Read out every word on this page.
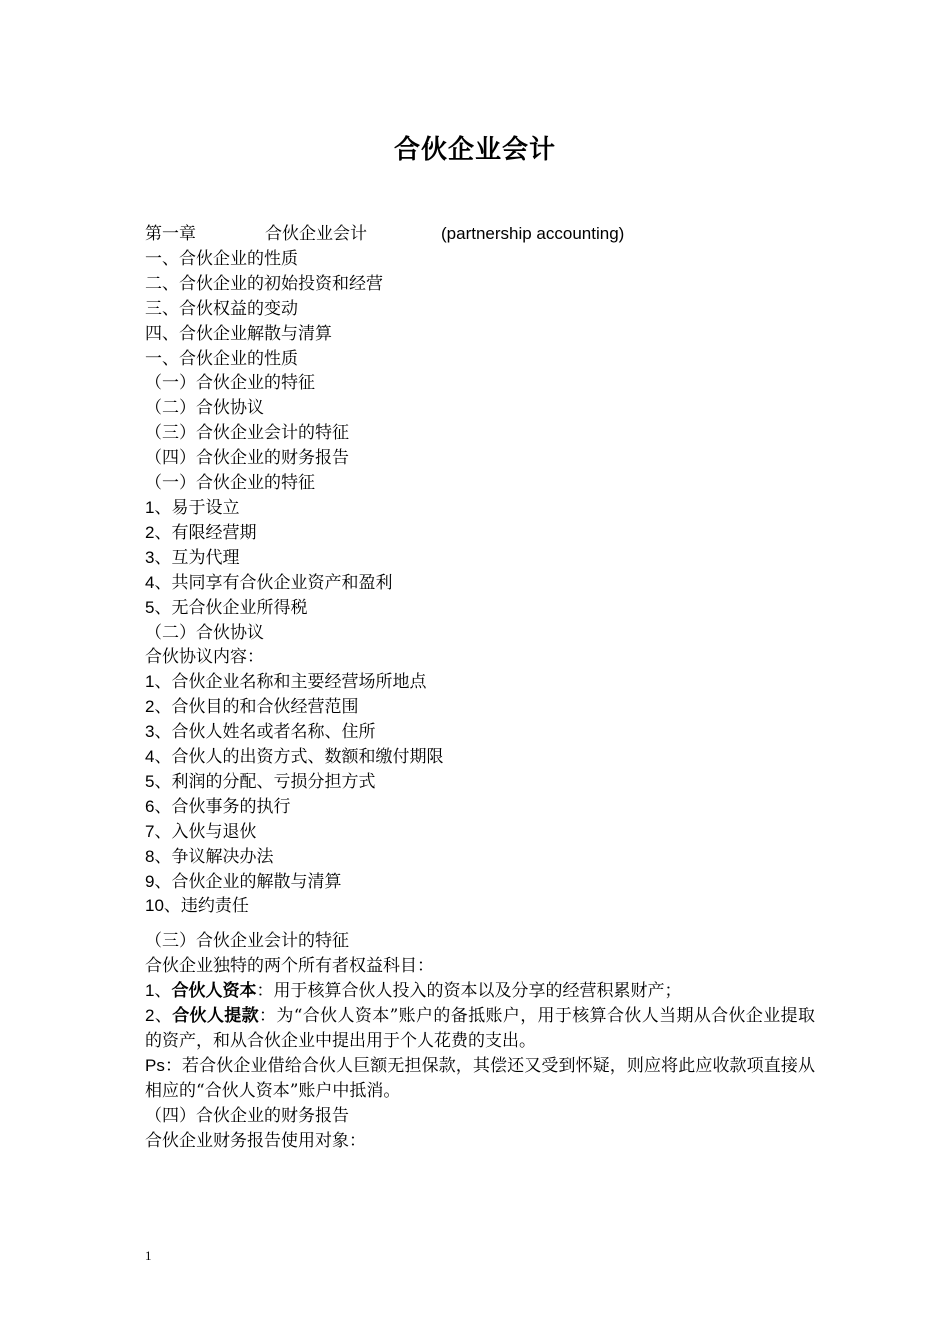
合伙企业会计
第一章	合伙企业会计	(partnership accounting)

一、合伙企业的性质

二、合伙企业的初始投资和经营

三、合伙权益的变动

四、合伙企业解散与清算

一、合伙企业的性质

（一）合伙企业的特征

（二）合伙协议

（三）合伙企业会计的特征

（四）合伙企业的财务报告

（一）合伙企业的特征

1、易于设立

2、有限经营期

3、互为代理

4、共同享有合伙企业资产和盈利

5、无合伙企业所得税

（二）合伙协议

合伙协议内容：

1、合伙企业名称和主要经营场所地点

2、合伙目的和合伙经营范围

3、合伙人姓名或者名称、住所

4、合伙人的出资方式、数额和缴付期限

5、利润的分配、亏损分担方式

6、合伙事务的执行

7、入伙与退伙

8、争议解决办法

9、合伙企业的解散与清算

10、违约责任

（三）合伙企业会计的特征

合伙企业独特的两个所有者权益科目：

1、合伙人资本：用于核算合伙人投入的资本以及分享的经营积累财产；

2、合伙人提款：为“合伙人资本”账户的备抵账户，用于核算合伙人当期从合伙企业提取的资产，和从合伙企业中提出用于个人花费的支出。

Ps：若合伙企业借给合伙人巨额无担保款，其偿还又受到怀疑，则应将此应收款项直接从相应的“合伙人资本”账户中抵消。

（四）合伙企业的财务报告

合伙企业财务报告使用对象：

1
